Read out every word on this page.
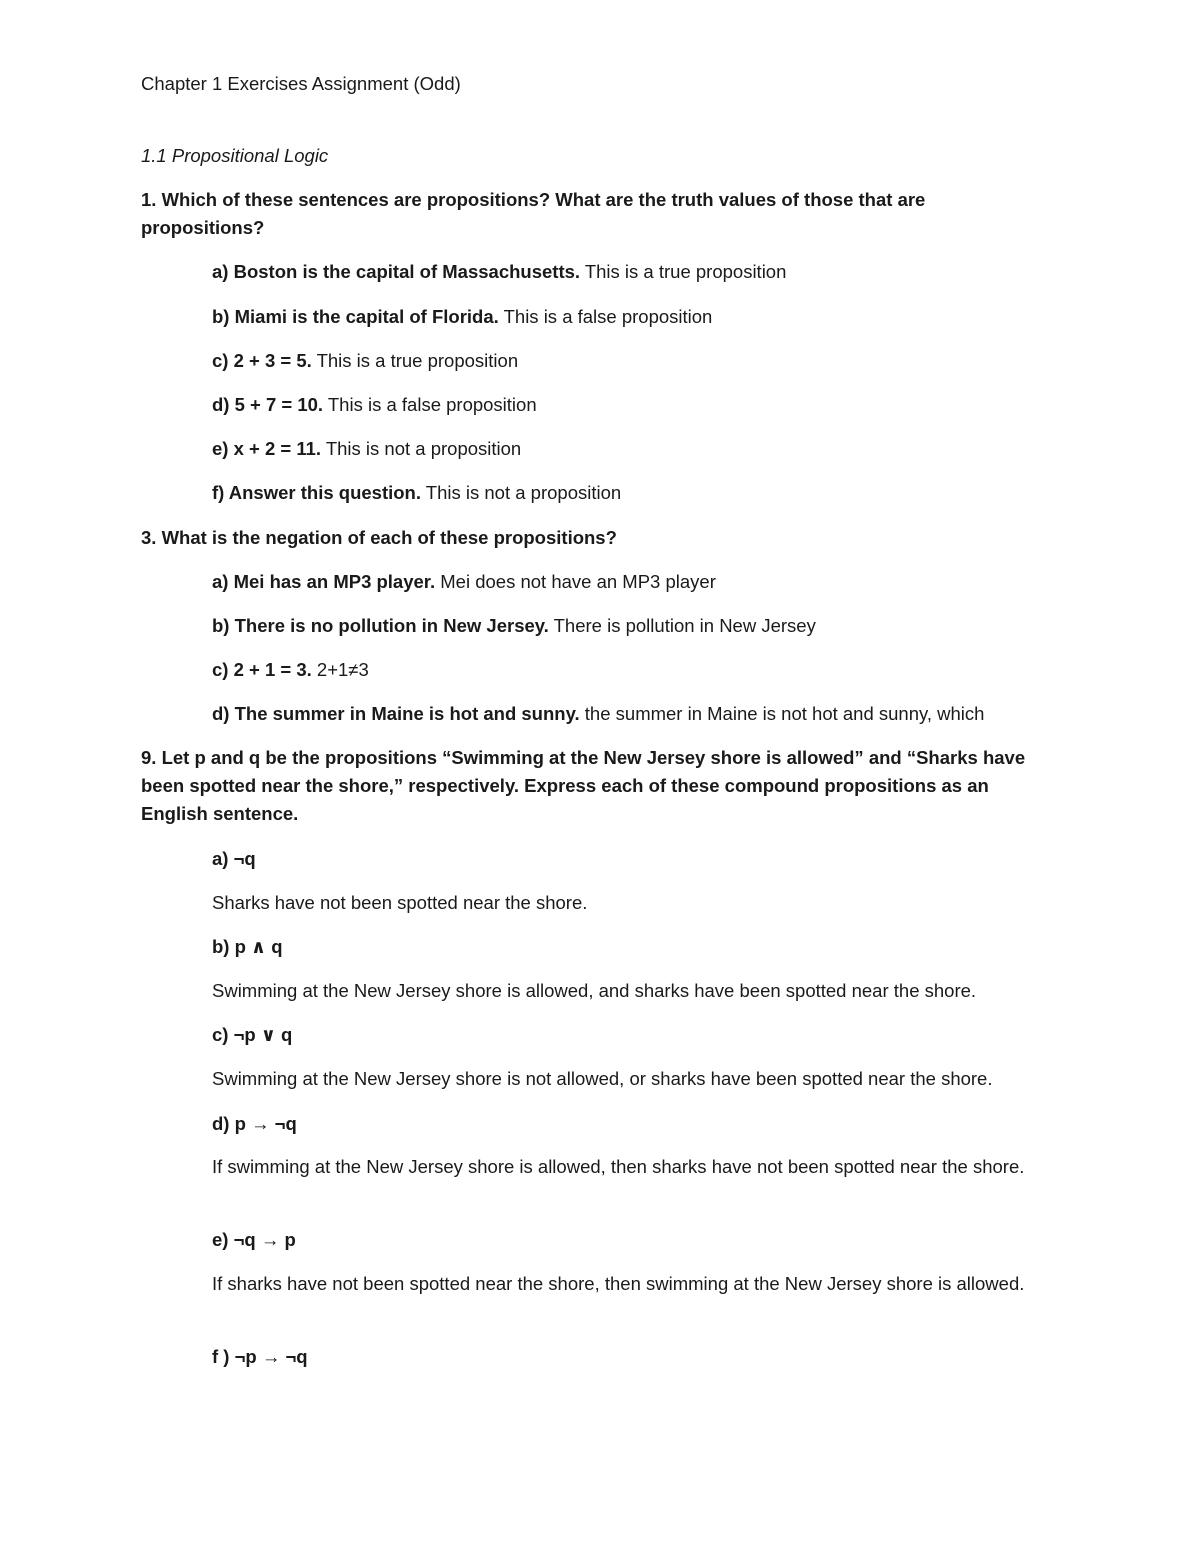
Chapter 1 Exercises Assignment (Odd)
1.1 Propositional Logic
1. Which of these sentences are propositions? What are the truth values of those that are propositions?
a) Boston is the capital of Massachusetts. This is a true proposition
b) Miami is the capital of Florida. This is a false proposition
c) 2 + 3 = 5. This is a true proposition
d) 5 + 7 = 10. This is a false proposition
e) x + 2 = 11. This is not a proposition
f) Answer this question. This is not a proposition
3. What is the negation of each of these propositions?
a) Mei has an MP3 player. Mei does not have an MP3 player
b) There is no pollution in New Jersey. There is pollution in New Jersey
c) 2 + 1 = 3. 2+1≠3
d) The summer in Maine is hot and sunny. the summer in Maine is not hot and sunny, which
9. Let p and q be the propositions “Swimming at the New Jersey shore is allowed” and “Sharks have been spotted near the shore,” respectively. Express each of these compound propositions as an English sentence.
a) ¬q
Sharks have not been spotted near the shore.
b) p ∧ q
Swimming at the New Jersey shore is allowed, and sharks have been spotted near the shore.
c) ¬p ∨ q
Swimming at the New Jersey shore is not allowed, or sharks have been spotted near the shore.
d) p → ¬q
If swimming at the New Jersey shore is allowed, then sharks have not been spotted near the shore.
e) ¬q → p
If sharks have not been spotted near the shore, then swimming at the New Jersey shore is allowed.
f ) ¬p → ¬q
